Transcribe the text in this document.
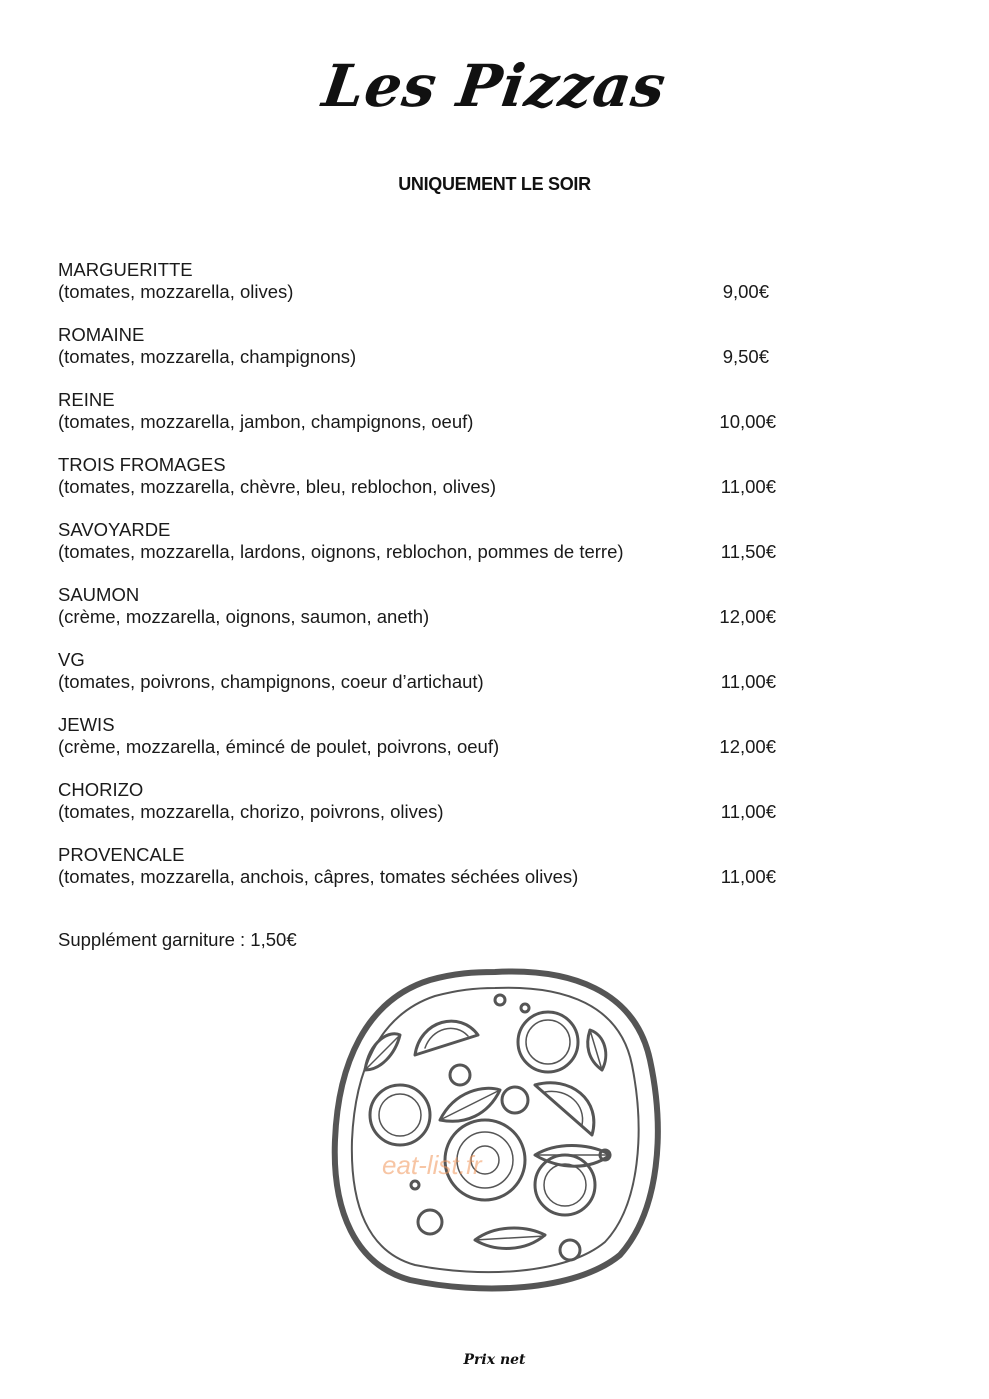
Les Pizzas
UNIQUEMENT LE SOIR
MARGUERITTE
(tomates, mozzarella, olives)	9,00€
ROMAINE
(tomates, mozzarella, champignons)	9,50€
REINE
(tomates, mozzarella, jambon, champignons, oeuf)	10,00€
TROIS FROMAGES
(tomates, mozzarella, chèvre, bleu, reblochon, olives)	11,00€
SAVOYARDE
(tomates, mozzarella, lardons, oignons, reblochon, pommes de terre)	11,50€
SAUMON
(crème, mozzarella, oignons, saumon, aneth)	12,00€
VG
(tomates, poivrons, champignons, coeur d’artichaut)	11,00€
JEWIS
(crème, mozzarella, émincé de poulet, poivrons, oeuf)	12,00€
CHORIZO
(tomates, mozzarella, chorizo, poivrons, olives)	11,00€
PROVENCALE
(tomates, mozzarella, anchois, câpres, tomates séchées olives)	11,00€
Supplément garniture : 1,50€
eat-list.fr
Prix net
